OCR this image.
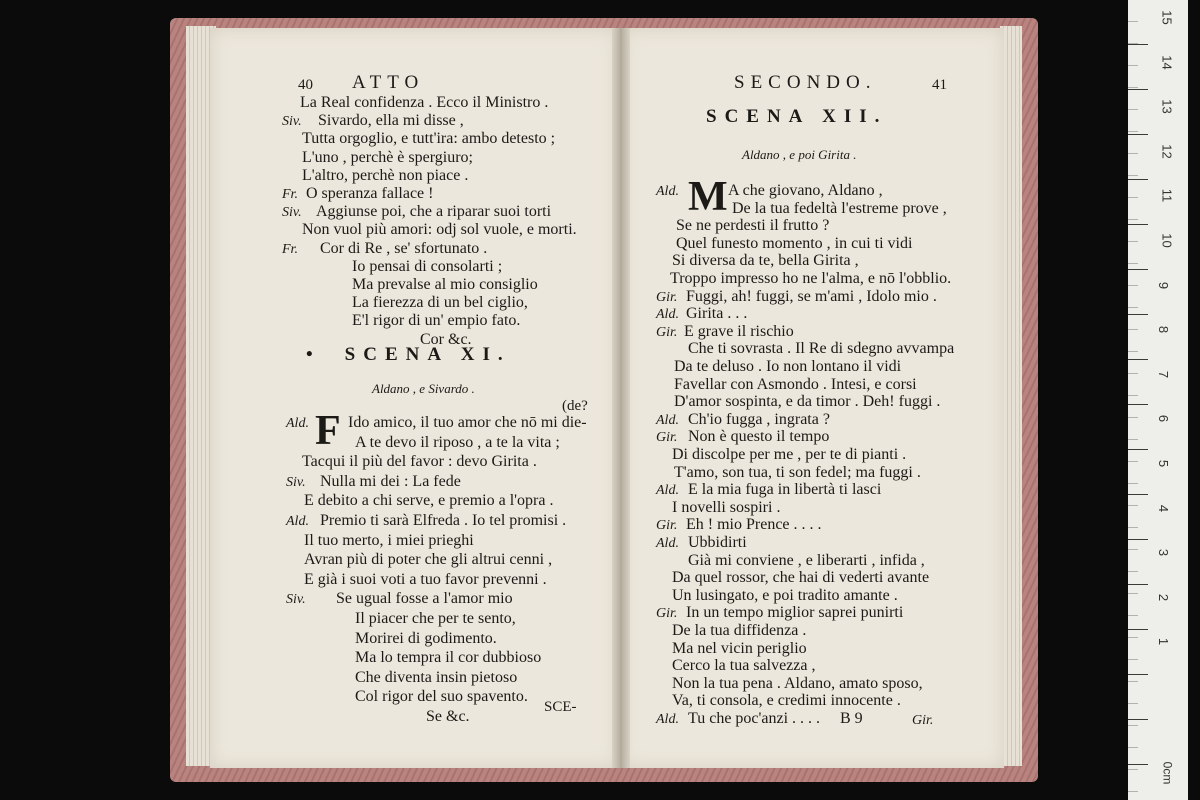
40 ATTO
La Real confidenza . Ecco il Ministro .
Siv. Sivardo, ella mi disse ,
Tutta orgoglio, e tutt'ira: ambo detesto ;
L'uno , perchè è spergiuro;
L'altro, perchè non piace .
Fr. O speranza fallace !
Siv. Aggiunse poi, che a riparar suoi torti
Non vuol più amori: odj sol vuole, e morti.
Fr. Cor di Re , se' sfortunato .
Io pensai di consolarti ;
Ma prevalse al mio consiglio
La fierezza di un bel ciglio,
E'l rigor di un' empio fato.
Cor &c.
• SCENA XI.
Aldano , e Sivardo .
(de?
F
Ald. Ido amico, il tuo amor che nō mi die-
A te devo il riposo , a te la vita ;
Tacqui il più del favor : devo Girita .
Siv. Nulla mi dei : La fede
E debito a chi serve, e premio a l'opra .
Ald. Premio ti sarà Elfreda . Io tel promisi .
Il tuo merto, i miei prieghi
Avran più di poter che gli altrui cenni ,
E già i suoi voti a tuo favor prevenni .
Siv. Se ugual fosse a l'amor mio
Il piacer che per te sento,
Morirei di godimento.
Ma lo tempra il cor dubbioso
Che diventa insin pietoso
Col rigor del suo spavento.
Se &c.
SCE-
SECONDO.	41
SCENA XII.
Aldano , e poi Girita .
M
Ald.	A che giovano, Aldano ,
De la tua fedeltà l'estreme prove ,
Se ne perdesti il frutto ?
Quel funesto momento , in cui ti vidi
Si diversa da te, bella Girita ,
Troppo impresso ho ne l'alma, e nō l'obblio.
Gir. Fuggi, ah! fuggi, se m'ami , Idolo mio .
Ald. Girita . . .
Gir. E grave il rischio
Che ti sovrasta . Il Re di sdegno avvampa
Da te deluso . Io non lontano il vidi
Favellar con Asmondo . Intesi, e corsi
D'amor sospinta, e da timor . Deh! fuggi .
Ald. Ch'io fugga , ingrata ?
Gir. Non è questo il tempo
Di discolpe per me , per te di pianti .
T'amo, son tua, ti son fedel; ma fuggi .
Ald. E la mia fuga in libertà ti lasci
I novelli sospiri .
Gir. Eh ! mio Prence . . . .
Ald. Ubbidirti
Già mi conviene , e liberarti , infida ,
Da quel rossor, che hai di vederti avante
Un lusingato, e poi tradito amante .
Gir. In un tempo miglior saprei punirti
De la tua diffidenza .
Ma nel vicin periglio
Cerco la tua salvezza ,
Non la tua pena . Aldano, amato sposo,
Va, ti consola, e credimi innocente .
Ald. Tu che poc'anzi . . . . B 9	Gir.
15
14
13
12
11
10
9
8
7
6
5
4
3
2
1
0cm
